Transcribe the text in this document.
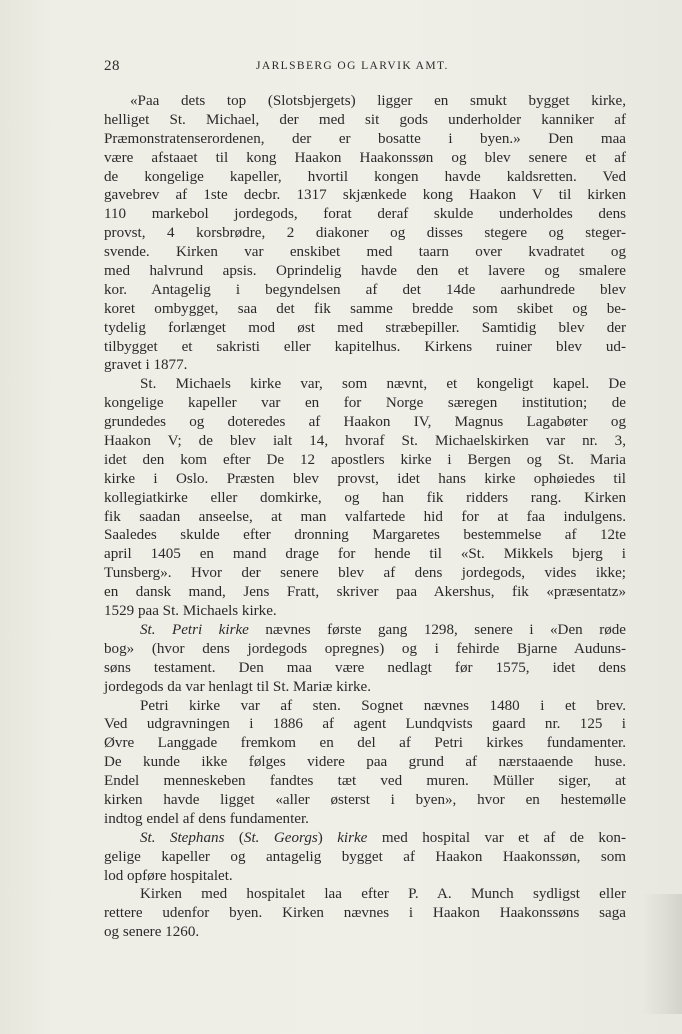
28	JARLSBERG OG LARVIK AMT.
«Paa dets top (Slotsbjergets) ligger en smukt bygget kirke,
helliget St. Michael, der med sit gods underholder kanniker af
Præmonstratenserordenen, der er bosatte i byen.» Den maa
være afstaaet til kong Haakon Haakonssøn og blev senere et af
de kongelige kapeller, hvortil kongen havde kaldsretten. Ved
gavebrev af 1ste decbr. 1317 skjænkede kong Haakon V til kirken
110 markebol jordegods, forat deraf skulde underholdes dens
provst, 4 korsbrødre, 2 diakoner og disses stegere og steger-
svende. Kirken var enskibet med taarn over kvadratet og
med halvrund apsis. Oprindelig havde den et lavere og smalere
kor. Antagelig i begyndelsen af det 14de aarhundrede blev
koret ombygget, saa det fik samme bredde som skibet og be-
tydelig forlænget mod øst med stræbepiller. Samtidig blev der
tilbygget et sakristi eller kapitelhus. Kirkens ruiner blev ud-
gravet i 1877.
St. Michaels kirke var, som nævnt, et kongeligt kapel. De
kongelige kapeller var en for Norge særegen institution; de
grundedes og doteredes af Haakon IV, Magnus Lagabøter og
Haakon V; de blev ialt 14, hvoraf St. Michaelskirken var nr. 3,
idet den kom efter De 12 apostlers kirke i Bergen og St. Maria
kirke i Oslo. Præsten blev provst, idet hans kirke ophøiedes til
kollegiatkirke eller domkirke, og han fik ridders rang. Kirken
fik saadan anseelse, at man valfartede hid for at faa indulgens.
Saaledes skulde efter dronning Margaretes bestemmelse af 12te
april 1405 en mand drage for hende til «St. Mikkels bjerg i
Tunsberg». Hvor der senere blev af dens jordegods, vides ikke;
en dansk mand, Jens Fratt, skriver paa Akershus, fik «præsentatz»
1529 paa St. Michaels kirke.
St. Petri kirke nævnes første gang 1298, senere i «Den røde
bog» (hvor dens jordegods opregnes) og i fehirde Bjarne Auduns-
søns testament. Den maa være nedlagt før 1575, idet dens
jordegods da var henlagt til St. Mariæ kirke.
Petri kirke var af sten. Sognet nævnes 1480 i et brev.
Ved udgravningen i 1886 af agent Lundqvists gaard nr. 125 i
Øvre Langgade fremkom en del af Petri kirkes fundamenter.
De kunde ikke følges videre paa grund af nærstaaende huse.
Endel menneskeben fandtes tæt ved muren. Müller siger, at
kirken havde ligget «aller østerst i byen», hvor en hestemølle
indtog endel af dens fundamenter.
St. Stephans (St. Georgs) kirke med hospital var et af de kon-
gelige kapeller og antagelig bygget af Haakon Haakonssøn, som
lod opføre hospitalet.
Kirken med hospitalet laa efter P. A. Munch sydligst eller
rettere udenfor byen. Kirken nævnes i Haakon Haakonssøns saga
og senere 1260.
